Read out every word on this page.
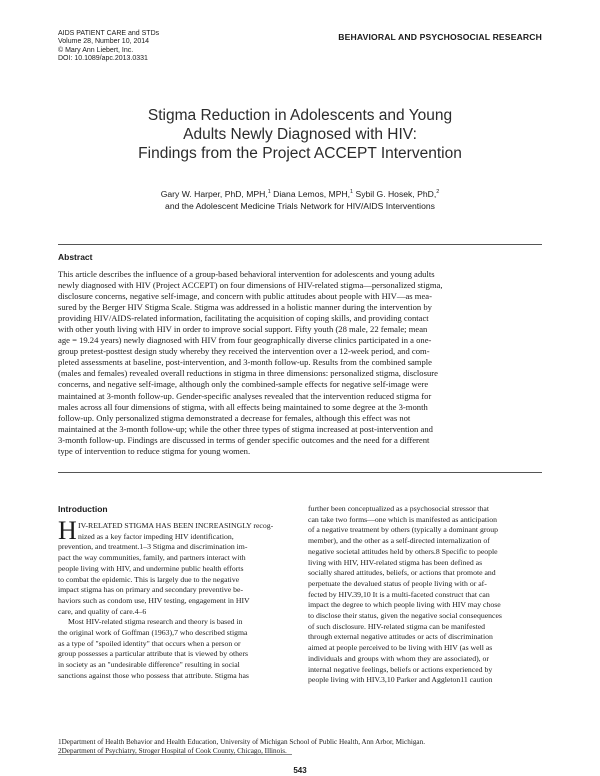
AIDS PATIENT CARE and STDs
Volume 28, Number 10, 2014
© Mary Ann Liebert, Inc.
DOI: 10.1089/apc.2013.0331
BEHAVIORAL AND PSYCHOSOCIAL RESEARCH
Stigma Reduction in Adolescents and Young
Adults Newly Diagnosed with HIV:
Findings from the Project ACCEPT Intervention
Gary W. Harper, PhD, MPH,$^1$ Diana Lemos, MPH,$^1$ Sybil G. Hosek, PhD,$^2$
and the Adolescent Medicine Trials Network for HIV/AIDS Interventions
Abstract
This article describes the influence of a group-based behavioral intervention for adolescents and young adults
newly diagnosed with HIV (Project ACCEPT) on four dimensions of HIV-related stigma—personalized stigma,
disclosure concerns, negative self-image, and concern with public attitudes about people with HIV—as mea-
sured by the Berger HIV Stigma Scale. Stigma was addressed in a holistic manner during the intervention by
providing HIV/AIDS-related information, facilitating the acquisition of coping skills, and providing contact
with other youth living with HIV in order to improve social support. Fifty youth (28 male, 22 female; mean
age = 19.24 years) newly diagnosed with HIV from four geographically diverse clinics participated in a one-
group pretest-posttest design study whereby they received the intervention over a 12-week period, and com-
pleted assessments at baseline, post-intervention, and 3-month follow-up. Results from the combined sample
(males and females) revealed overall reductions in stigma in three dimensions: personalized stigma, disclosure
concerns, and negative self-image, although only the combined-sample effects for negative self-image were
maintained at 3-month follow-up. Gender-specific analyses revealed that the intervention reduced stigma for
males across all four dimensions of stigma, with all effects being maintained to some degree at the 3-month
follow-up. Only personalized stigma demonstrated a decrease for females, although this effect was not
maintained at the 3-month follow-up; while the other three types of stigma increased at post-intervention and
3-month follow-up. Findings are discussed in terms of gender specific outcomes and the need for a different
type of intervention to reduce stigma for young women.
Introduction
H IV-RELATED STIGMA HAS BEEN INCREASINGLY recog-
nized as a key factor impeding HIV identification,
prevention, and treatment.1–3 Stigma and discrimination im-
pact the way communities, family, and partners interact with
people living with HIV, and undermine public health efforts
to combat the epidemic. This is largely due to the negative
impact stigma has on primary and secondary preventive be-
haviors such as condom use, HIV testing, engagement in HIV
care, and quality of care.4–6
Most HIV-related stigma research and theory is based in
the original work of Goffman (1963),7 who described stigma
as a type of "spoiled identity" that occurs when a person or
group possesses a particular attribute that is viewed by others
in society as an "undesirable difference" resulting in social
sanctions against those who possess that attribute. Stigma has
further been conceptualized as a psychosocial stressor that
can take two forms—one which is manifested as anticipation
of a negative treatment by others (typically a dominant group
member), and the other as a self-directed internalization of
negative societal attitudes held by others.8 Specific to people
living with HIV, HIV-related stigma has been defined as
socially shared attitudes, beliefs, or actions that promote and
perpetuate the devalued status of people living with or af-
fected by HIV.39,10 It is a multi-faceted construct that can
impact the degree to which people living with HIV may chose
to disclose their status, given the negative social consequences
of such disclosure. HIV-related stigma can be manifested
through external negative attitudes or acts of discrimination
aimed at people perceived to be living with HIV (as well as
individuals and groups with whom they are associated), or
internal negative feelings, beliefs or actions experienced by
people living with HIV.3,10 Parker and Aggleton11 caution
1Department of Health Behavior and Health Education, University of Michigan School of Public Health, Ann Arbor, Michigan.
2Department of Psychiatry, Stroger Hospital of Cook County, Chicago, Illinois.
543
